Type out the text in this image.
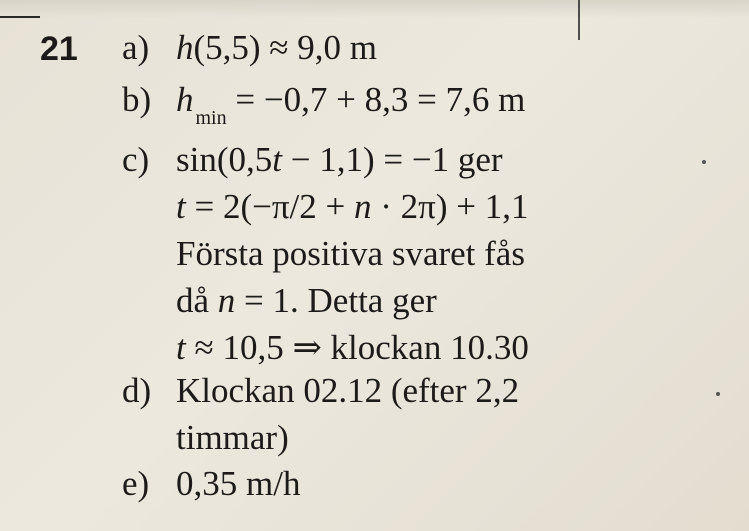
21 a) h(5,5) ≈ 9,0 m
b) h $_{min}$ = −0,7 + 8,3 = 7,6 m
c) sin(0,5t − 1,1) = −1 ger
t = 2(−π/2 + n · 2π) + 1,1
Första positiva svaret fås
då n = 1. Detta ger
t ≈ 10,5 ⇒ klockan 10.30
d) Klockan 02.12 (efter 2,2
timmar)
e) 0,35 m/h
